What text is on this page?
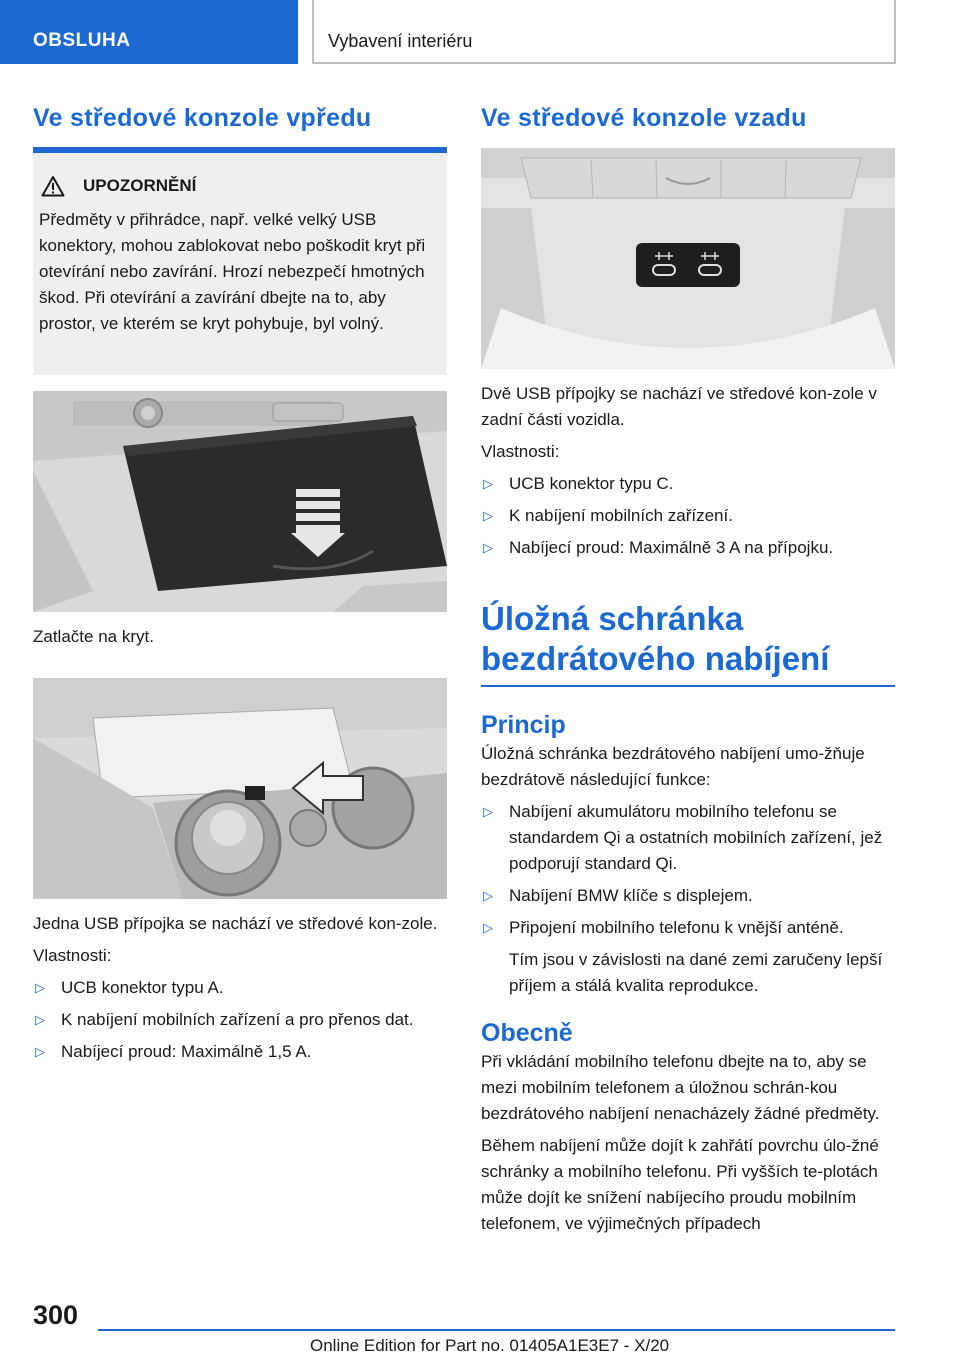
OBSLUHA	Vybavení interiéru
Ve středové konzole vpředu
UPOZORNĚNÍ

Předměty v přihrádce, např. velké velký USB konektory, mohou zablokovat nebo poškodit kryt při otevírání nebo zavírání. Hrozí nebezpečí hmotných škod. Při otevírání a zavírání dbejte na to, aby prostor, ve kterém se kryt pohybuje, byl volný.

Zatlačte na kryt.

Jedna USB přípojka se nachází ve středové kon-zole.

Vlastnosti:

▷ UCB konektor typu A.
▷ K nabíjení mobilních zařízení a pro přenos dat.
▷ Nabíjecí proud: Maximálně 1,5 A.
Ve středové konzole vzadu

Dvě USB přípojky se nachází ve středové kon-zole v zadní části vozidla.

Vlastnosti:

▷ UCB konektor typu C.
▷ K nabíjení mobilních zařízení.
▷ Nabíjecí proud: Maximálně 3 A na přípojku.
Úložná schránka
bezdrátového nabíjení
Princip

Úložná schránka bezdrátového nabíjení umo-žňuje bezdrátově následující funkce:

▷ Nabíjení akumulátoru mobilního telefonu se standardem Qi a ostatních mobilních zařízení, jež podporují standard Qi.
▷ Nabíjení BMW klíče s displejem.
▷ Připojení mobilního telefonu k vnější anténě.

Tím jsou v závislosti na dané zemi zaručeny lepší příjem a stálá kvalita reprodukce.

Obecně

Při vkládání mobilního telefonu dbejte na to, aby se mezi mobilním telefonem a úložnou schrán-kou bezdrátového nabíjení nenacházely žádné předměty.

Během nabíjení může dojít k zahřátí povrchu úlo-žné schránky a mobilního telefonu. Při vyšších te-plotách může dojít ke snížení nabíjecího proudu mobilním telefonem, ve výjimečných případech

300
Online Edition for Part no. 01405A1E3E7 - X/20
